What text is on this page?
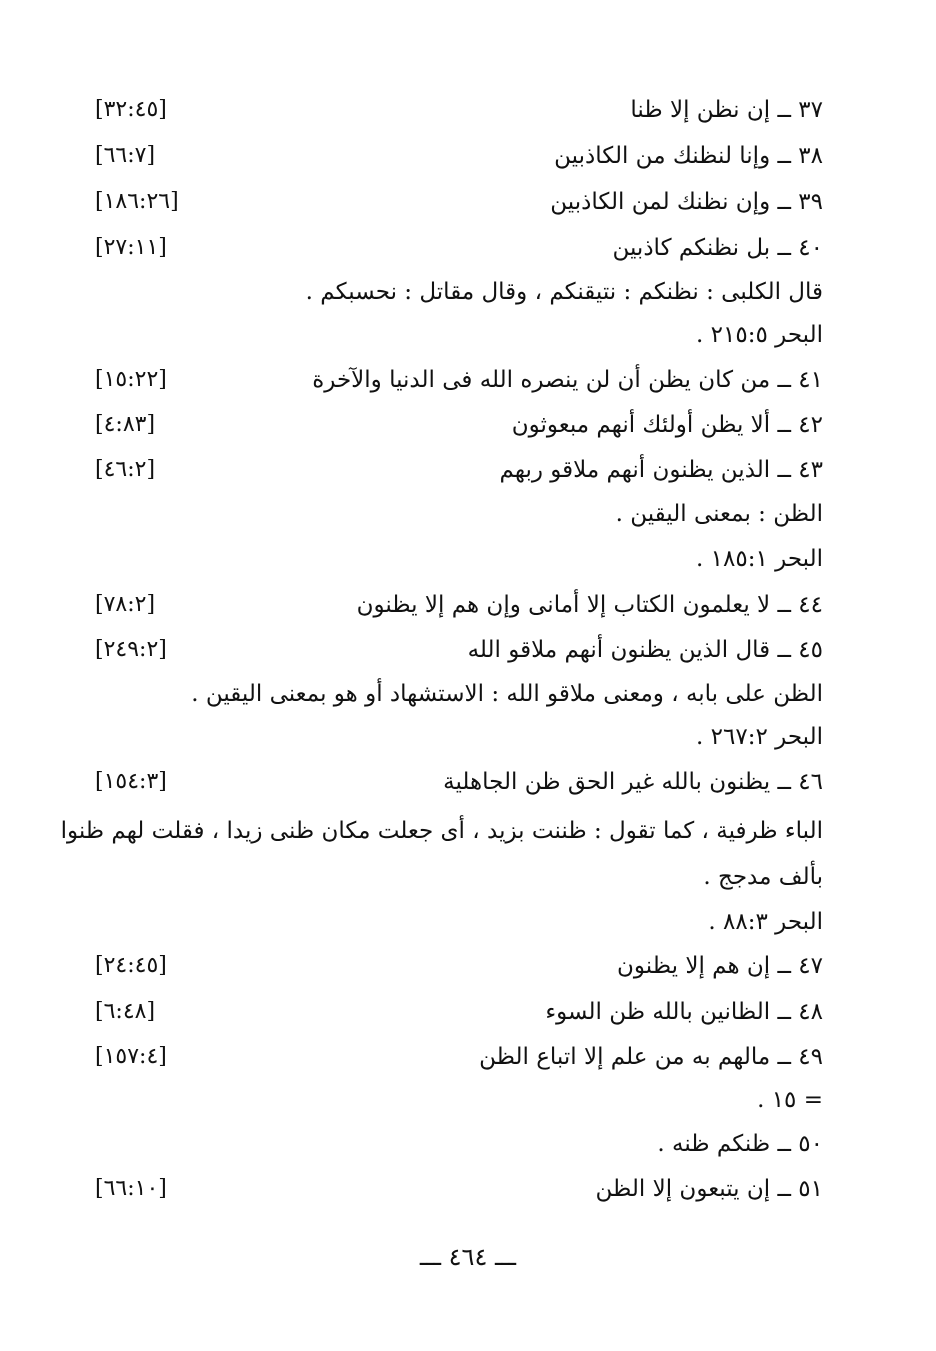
٣٧ ــ إن نظن إلا ظنا
[٣٢:٤٥]
٣٨ ــ وإنا لنظنك من الكاذبين
[٦٦:٧]
٣٩ ــ وإن نظنك لمن الكاذبين
[١٨٦:٢٦]
٤٠ ــ بل نظنكم كاذبين
[٢٧:١١]
قال الكلبى : نظنكم : نتيقنكم ، وقال مقاتل : نحسبكم .
البحر ٢١٥:٥ .
٤١ ــ من كان يظن أن لن ينصره الله فى الدنيا والآخرة
[١٥:٢٢]
٤٢ ــ ألا يظن أولئك أنهم مبعوثون
[٤:٨٣]
٤٣ ــ الذين يظنون أنهم ملاقو ربهم
[٤٦:٢]
الظن : بمعنى اليقين .
البحر ١٨٥:١ .
٤٤ ــ لا يعلمون الكتاب إلا أمانى وإن هم إلا يظنون
[٧٨:٢]
٤٥ ــ قال الذين يظنون أنهم ملاقو الله
[٢٤٩:٢]
الظن على بابه ، ومعنى ملاقو الله : الاستشهاد أو هو بمعنى اليقين .
البحر ٢٦٧:٢ .
٤٦ ــ يظنون بالله غير الحق ظن الجاهلية
[١٥٤:٣]
الباء ظرفية ، كما تقول : ظننت بزيد ، أى جعلت مكان ظنى زيدا ، فقلت لهم ظنوا
بألف مدجج .
البحر ٨٨:٣ .
٤٧ ــ إن هم إلا يظنون
[٢٤:٤٥]
٤٨ ــ الظانين بالله ظن السوء
[٦:٤٨]
٤٩ ــ مالهم به من علم إلا اتباع الظن
[١٥٧:٤]
= ١٥ .
٥٠ ــ ظنكم ظنه .
٥١ ــ إن يتبعون إلا الظن
[٦٦:١٠]
ـــ ٤٦٤ ـــ
